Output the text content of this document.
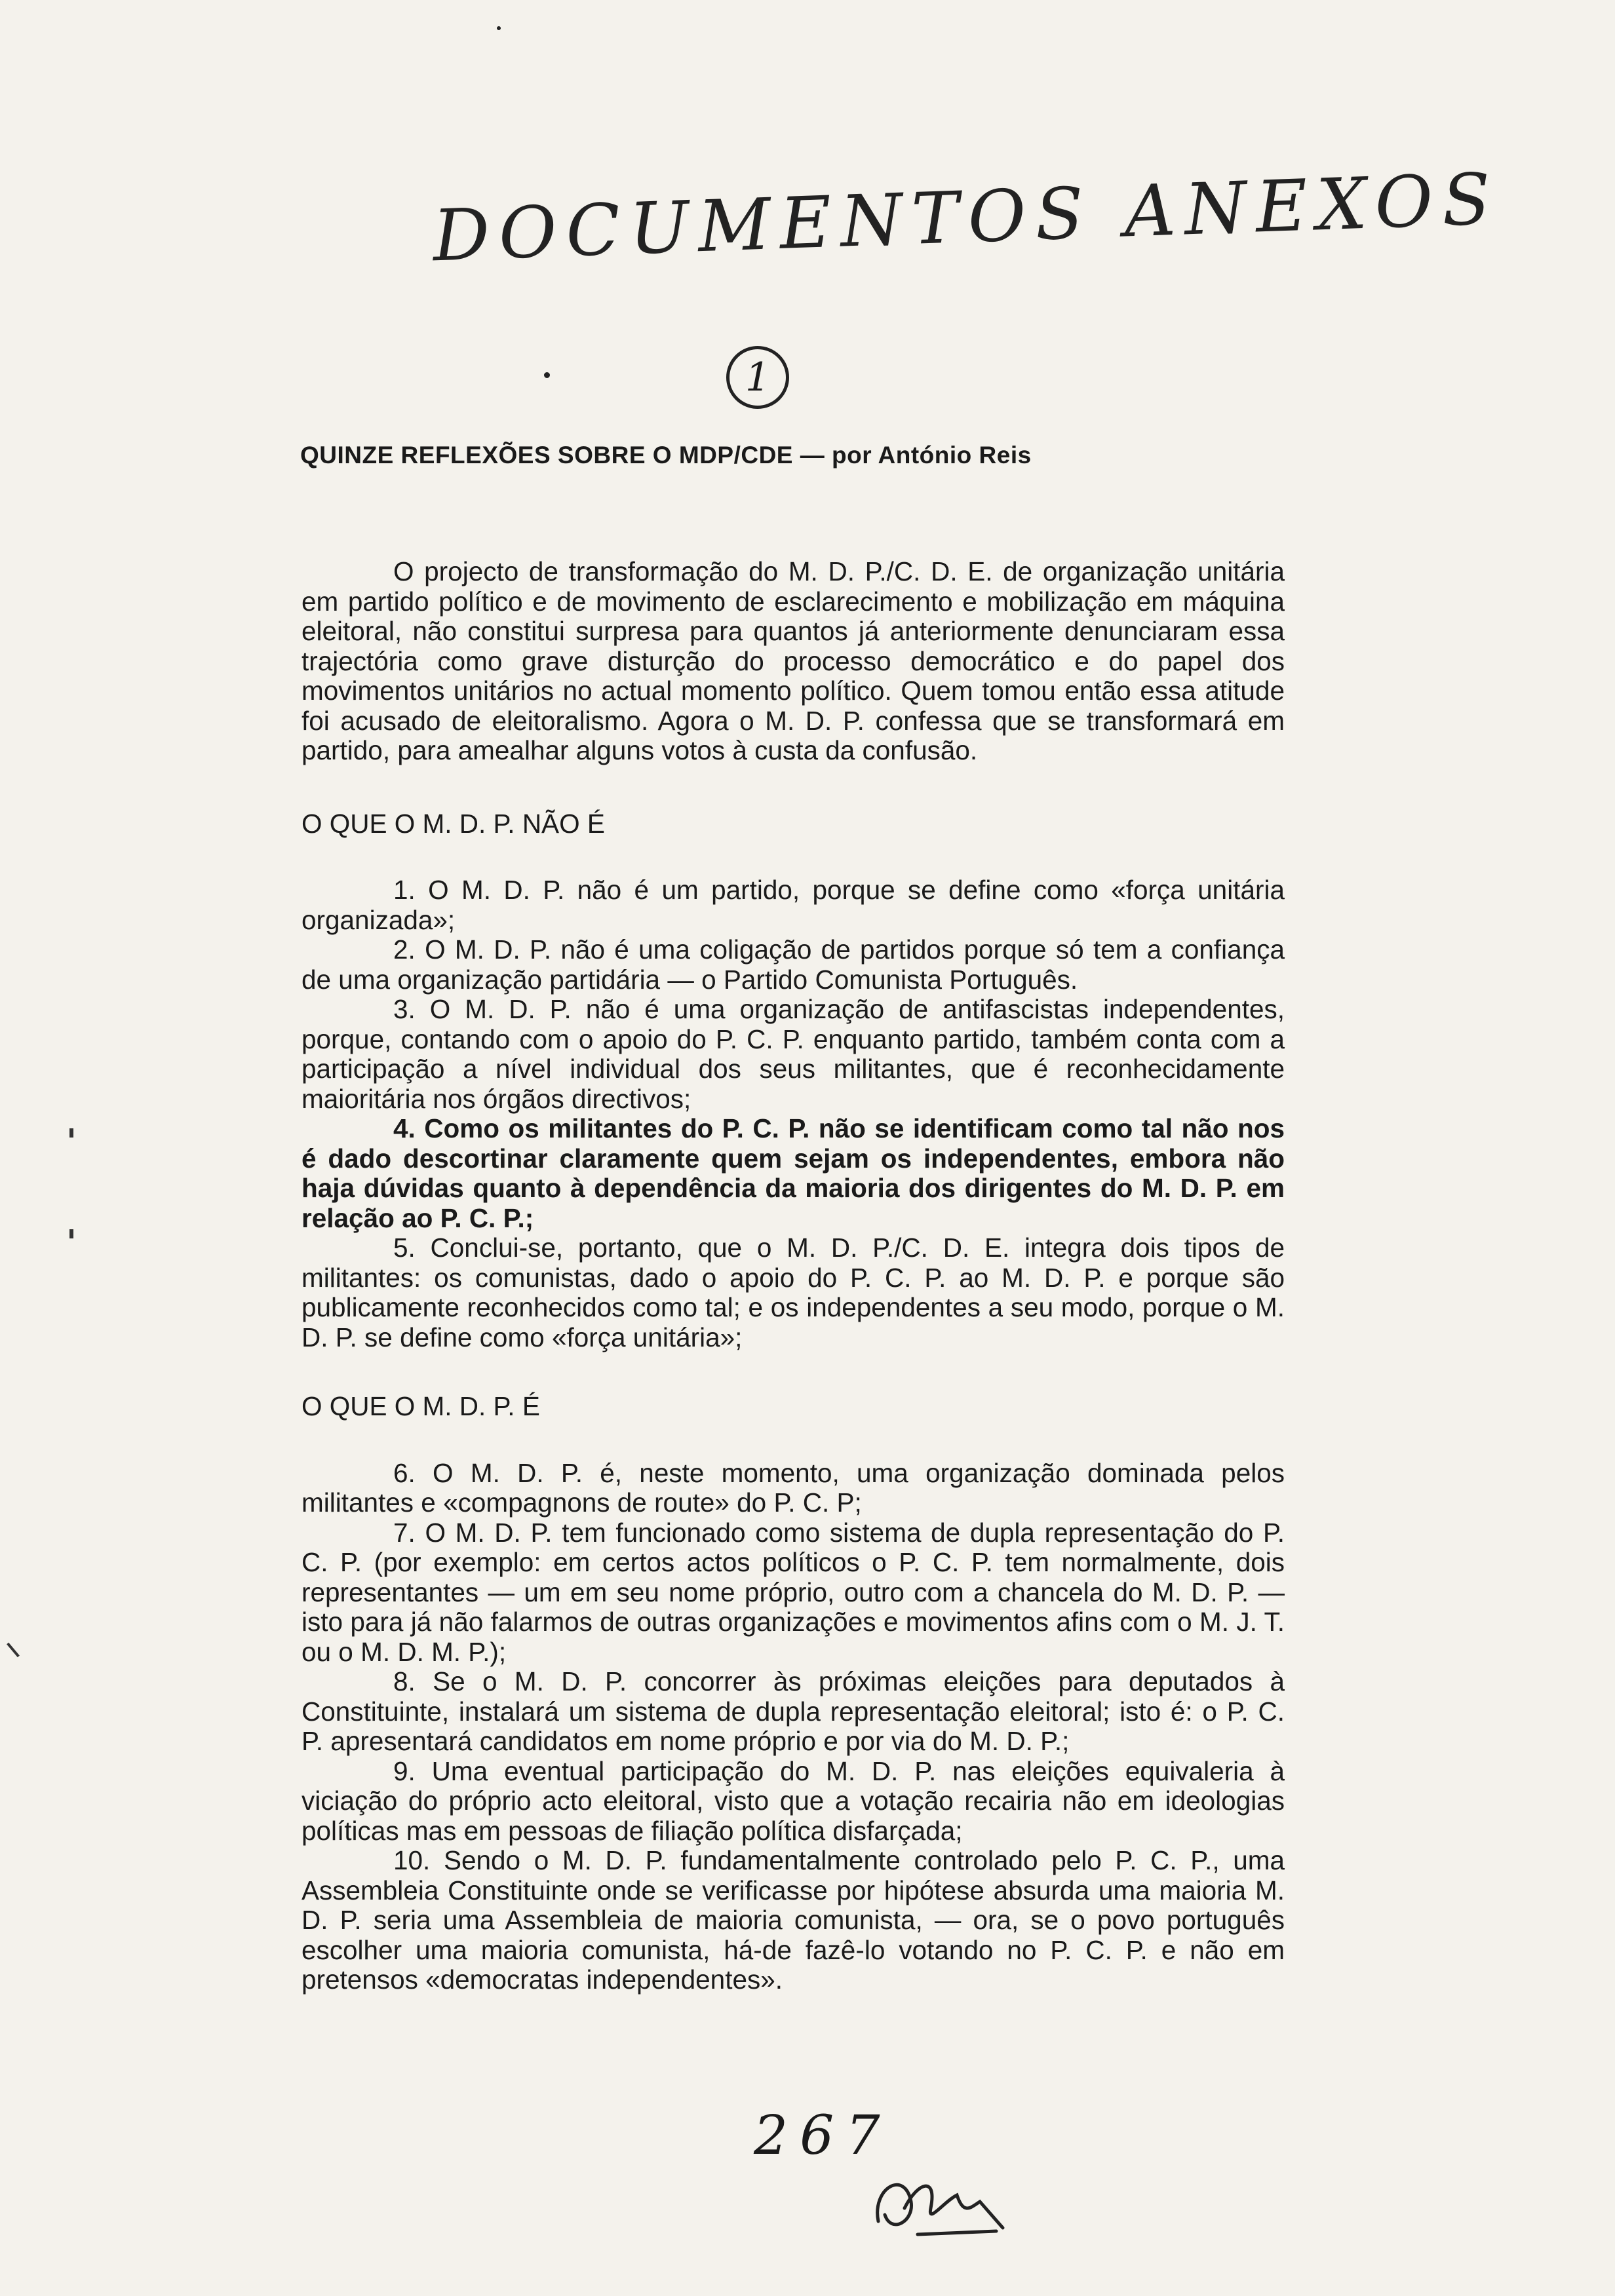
DOCUMENTOS ANEXOS
1
QUINZE REFLEXÕES SOBRE O MDP/CDE — por António Reis

O projecto de transformação do M. D. P./C. D. E. de organização unitária em partido político e de movimento de esclarecimento e mobilização em máquina eleitoral, não constitui surpresa para quantos já anteriormente denunciaram essa trajectória como grave disturção do processo democrático e do papel dos movimentos unitários no actual momento político. Quem tomou então essa atitude foi acusado de eleitoralismo. Agora o M. D. P. confessa que se transformará em partido, para amealhar alguns votos à custa da confusão.

O QUE O M. D. P. NÃO É

1. O M. D. P. não é um partido, porque se define como «força unitária organizada»;

2. O M. D. P. não é uma coligação de partidos porque só tem a confiança de uma organização partidária — o Partido Comunista Português.

3. O M. D. P. não é uma organização de antifascistas independentes, porque, contando com o apoio do P. C. P. enquanto partido, também conta com a participação a nível individual dos seus militantes, que é reconhecidamente maioritária nos órgãos directivos;

4. Como os militantes do P. C. P. não se identificam como tal não nos é dado descortinar claramente quem sejam os independentes, embora não haja dúvidas quanto à dependência da maioria dos dirigentes do M. D. P. em relação ao P. C. P.;

5. Conclui-se, portanto, que o M. D. P./C. D. E. integra dois tipos de militantes: os comunistas, dado o apoio do P. C. P. ao M. D. P. e porque são publicamente reconhecidos como tal; e os independentes a seu modo, porque o M. D. P. se define como «força unitária»;

O QUE O M. D. P. É

6. O M. D. P. é, neste momento, uma organização dominada pelos militantes e «compagnons de route» do P. C. P;

7. O M. D. P. tem funcionado como sistema de dupla representação do P. C. P. (por exemplo: em certos actos políticos o P. C. P. tem normalmente, dois representantes — um em seu nome próprio, outro com a chancela do M. D. P. — isto para já não falarmos de outras organizações e movimentos afins com o M. J. T. ou o M. D. M. P.);

8. Se o M. D. P. concorrer às próximas eleições para deputados à Constituinte, instalará um sistema de dupla representação eleitoral; isto é: o P. C. P. apresentará candidatos em nome próprio e por via do M. D. P.;

9. Uma eventual participação do M. D. P. nas eleições equivaleria à viciação do próprio acto eleitoral, visto que a votação recairia não em ideologias políticas mas em pessoas de filiação política disfarçada;

10. Sendo o M. D. P. fundamentalmente controlado pelo P. C. P., uma Assembleia Constituinte onde se verificasse por hipótese absurda uma maioria M. D. P. seria uma Assembleia de maioria comunista, — ora, se o povo português escolher uma maioria comunista, há-de fazê-lo votando no P. C. P. e não em pretensos «democratas independentes».

267
